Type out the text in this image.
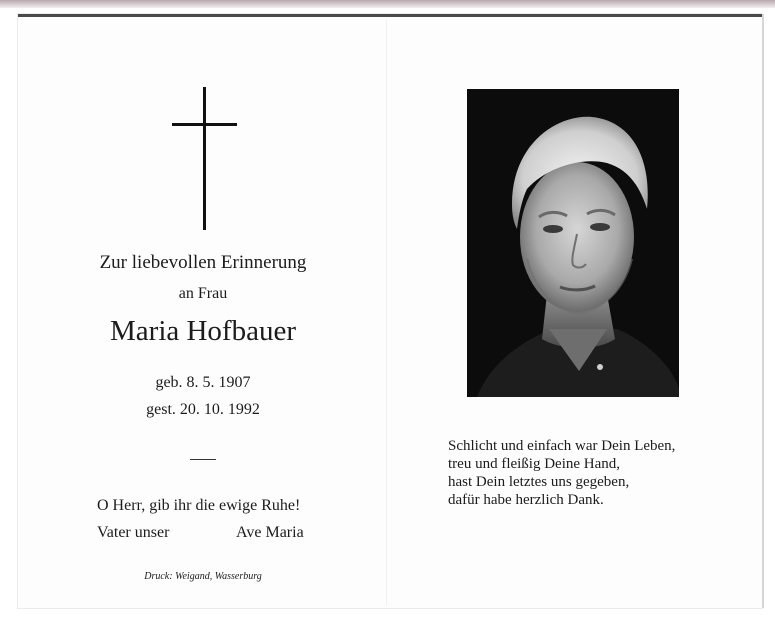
Zur liebevollen Erinnerung
an Frau
Maria Hofbauer
geb. 8. 5. 1907
gest. 20. 10. 1992
O Herr, gib ihr die ewige Ruhe!
Vater unser	Ave Maria
Druck: Weigand, Wasserburg
Schlicht und einfach war Dein Leben,
treu und fleißig Deine Hand,
hast Dein letztes uns gegeben,
dafür habe herzlich Dank.
